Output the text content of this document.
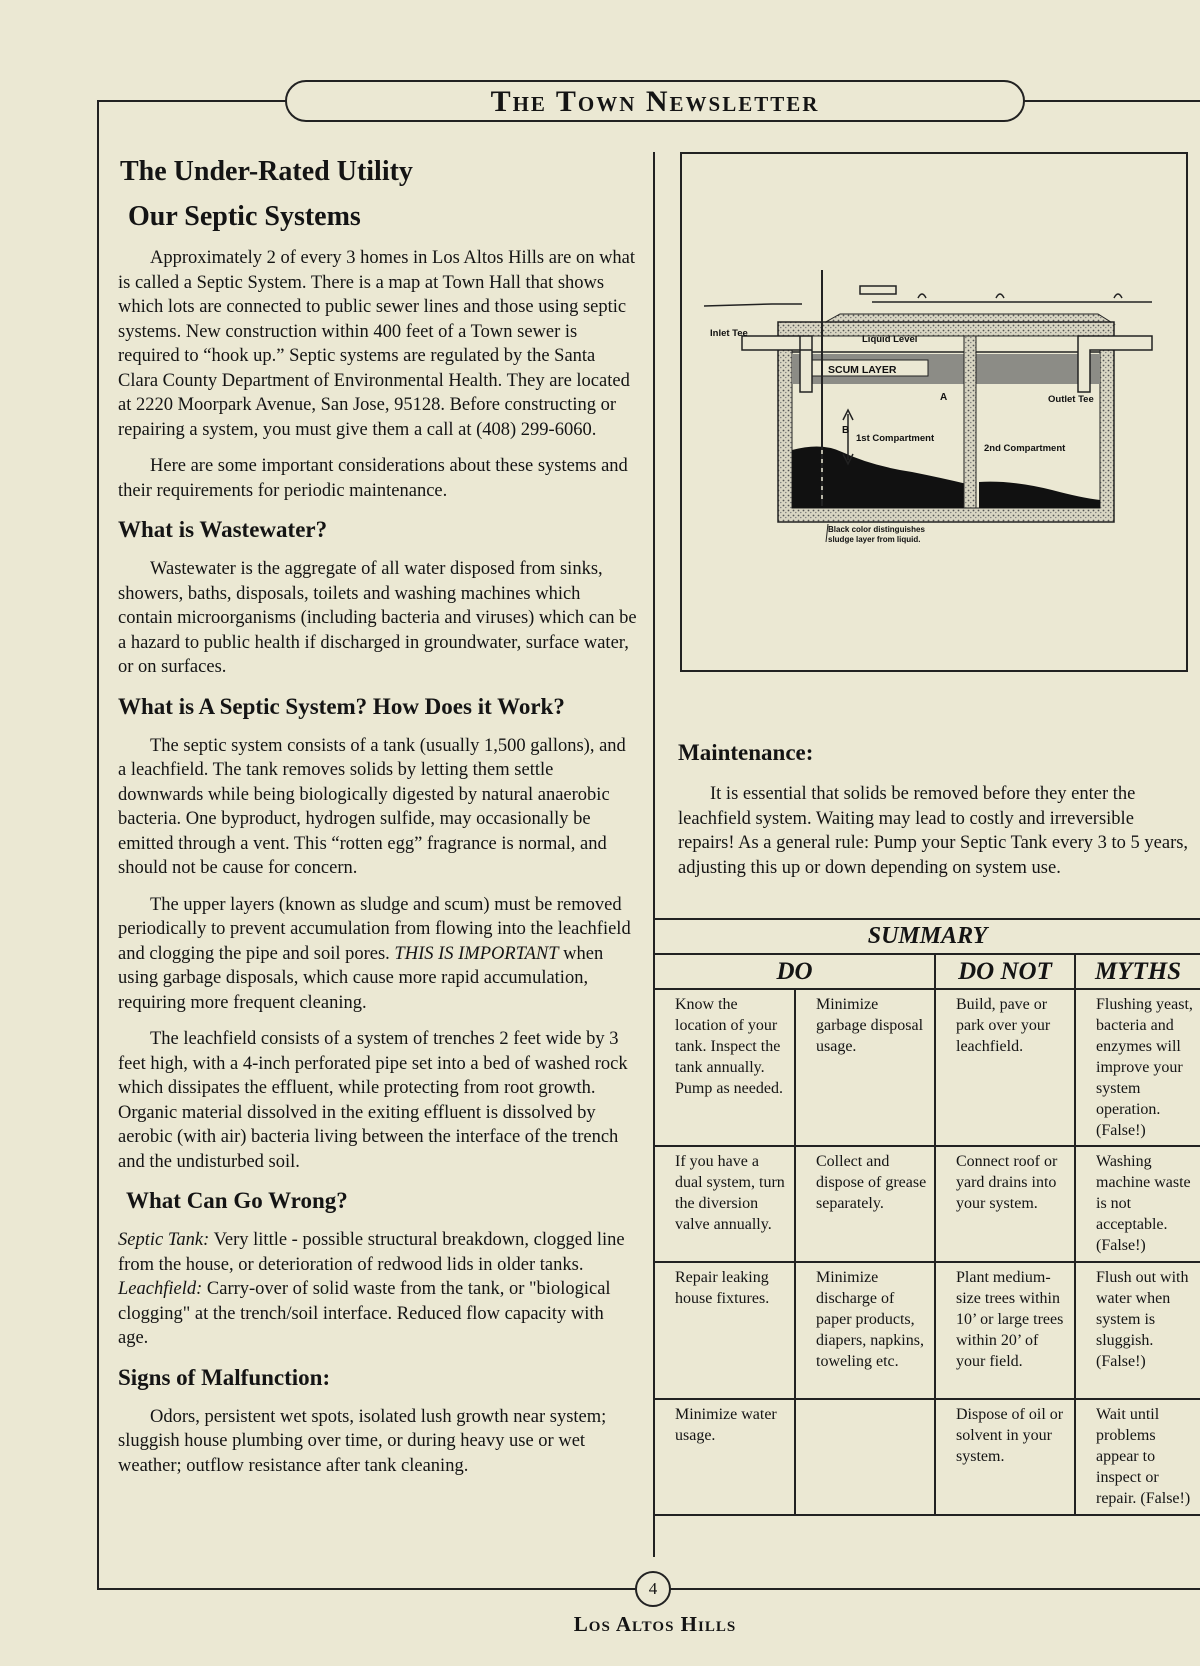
The Town Newsletter
The Under-Rated Utility
Our Septic Systems

Approximately 2 of every 3 homes in Los Altos Hills are on what is called a Septic System. There is a map at Town Hall that shows which lots are connected to public sewer lines and those using septic systems. New construction within 400 feet of a Town sewer is required to “hook up.” Septic systems are regulated by the Santa Clara County Department of Environmental Health. They are located at 2220 Moorpark Avenue, San Jose, 95128. Before constructing or repairing a system, you must give them a call at (408) 299-6060.

Here are some important considerations about these systems and their requirements for periodic maintenance.

What is Wastewater?

Wastewater is the aggregate of all water disposed from sinks, showers, baths, disposals, toilets and washing machines which contain microorganisms (including bacteria and viruses) which can be a hazard to public health if discharged in groundwater, surface water, or on surfaces.

What is A Septic System? How Does it Work?

The septic system consists of a tank (usually 1,500 gallons), and a leachfield. The tank removes solids by letting them settle downwards while being biologically digested by natural anaerobic bacteria. One byproduct, hydrogen sulfide, may occasionally be emitted through a vent. This “rotten egg” fragrance is normal, and should not be cause for concern.

The upper layers (known as sludge and scum) must be removed periodically to prevent accumulation from flowing into the leachfield and clogging the pipe and soil pores. THIS IS IMPORTANT when using garbage disposals, which cause more rapid accumulation, requiring more frequent cleaning.

The leachfield consists of a system of trenches 2 feet wide by 3 feet high, with a 4-inch perforated pipe set into a bed of washed rock which dissipates the effluent, while protecting from root growth. Organic material dissolved in the exiting effluent is dissolved by aerobic (with air) bacteria living between the interface of the trench and the undisturbed soil.

What Can Go Wrong?

Septic Tank: Very little - possible structural breakdown, clogged line from the house, or deterioration of redwood lids in older tanks. Leachfield: Carry-over of solid waste from the tank, or "biological clogging" at the trench/soil interface. Reduced flow capacity with age.

Signs of Malfunction:

Odors, persistent wet spots, isolated lush growth near system; sluggish house plumbing over time, or during heavy use or wet weather; outflow resistance after tank cleaning.

Inlet Tee
Liquid Level
SCUM LAYER
A
B
Outlet Tee
1st Compartment
2nd Compartment
Black color distinguishes
sludge layer from liquid.
Maintenance:

It is essential that solids be removed before they enter the leachfield system. Waiting may lead to costly and irreversible repairs! As a general rule: Pump your Septic Tank every 3 to 5 years, adjusting this up or down depending on system use.

SUMMARY			
DO		DO NOT	MYTHS
Know the location of your tank. Inspect the tank annually. Pump as needed.	Minimize garbage disposal usage.	Build, pave or park over your leachfield.	Flushing yeast, bacteria and enzymes will improve your system operation. (False!)
If you have a dual system, turn the diversion valve annually.	Collect and dispose of grease separately.	Connect roof or yard drains into your system.	Washing machine waste is not acceptable. (False!)
Repair leaking house fixtures.	Minimize discharge of paper products, diapers, napkins, toweling etc.	Plant medium-size trees within 10’ or large trees within 20’ of your field.	Flush out with water when system is sluggish. (False!)
Minimize water usage.		Dispose of oil or solvent in your system.	Wait until problems appear to inspect or repair. (False!)
4
Los Altos Hills
